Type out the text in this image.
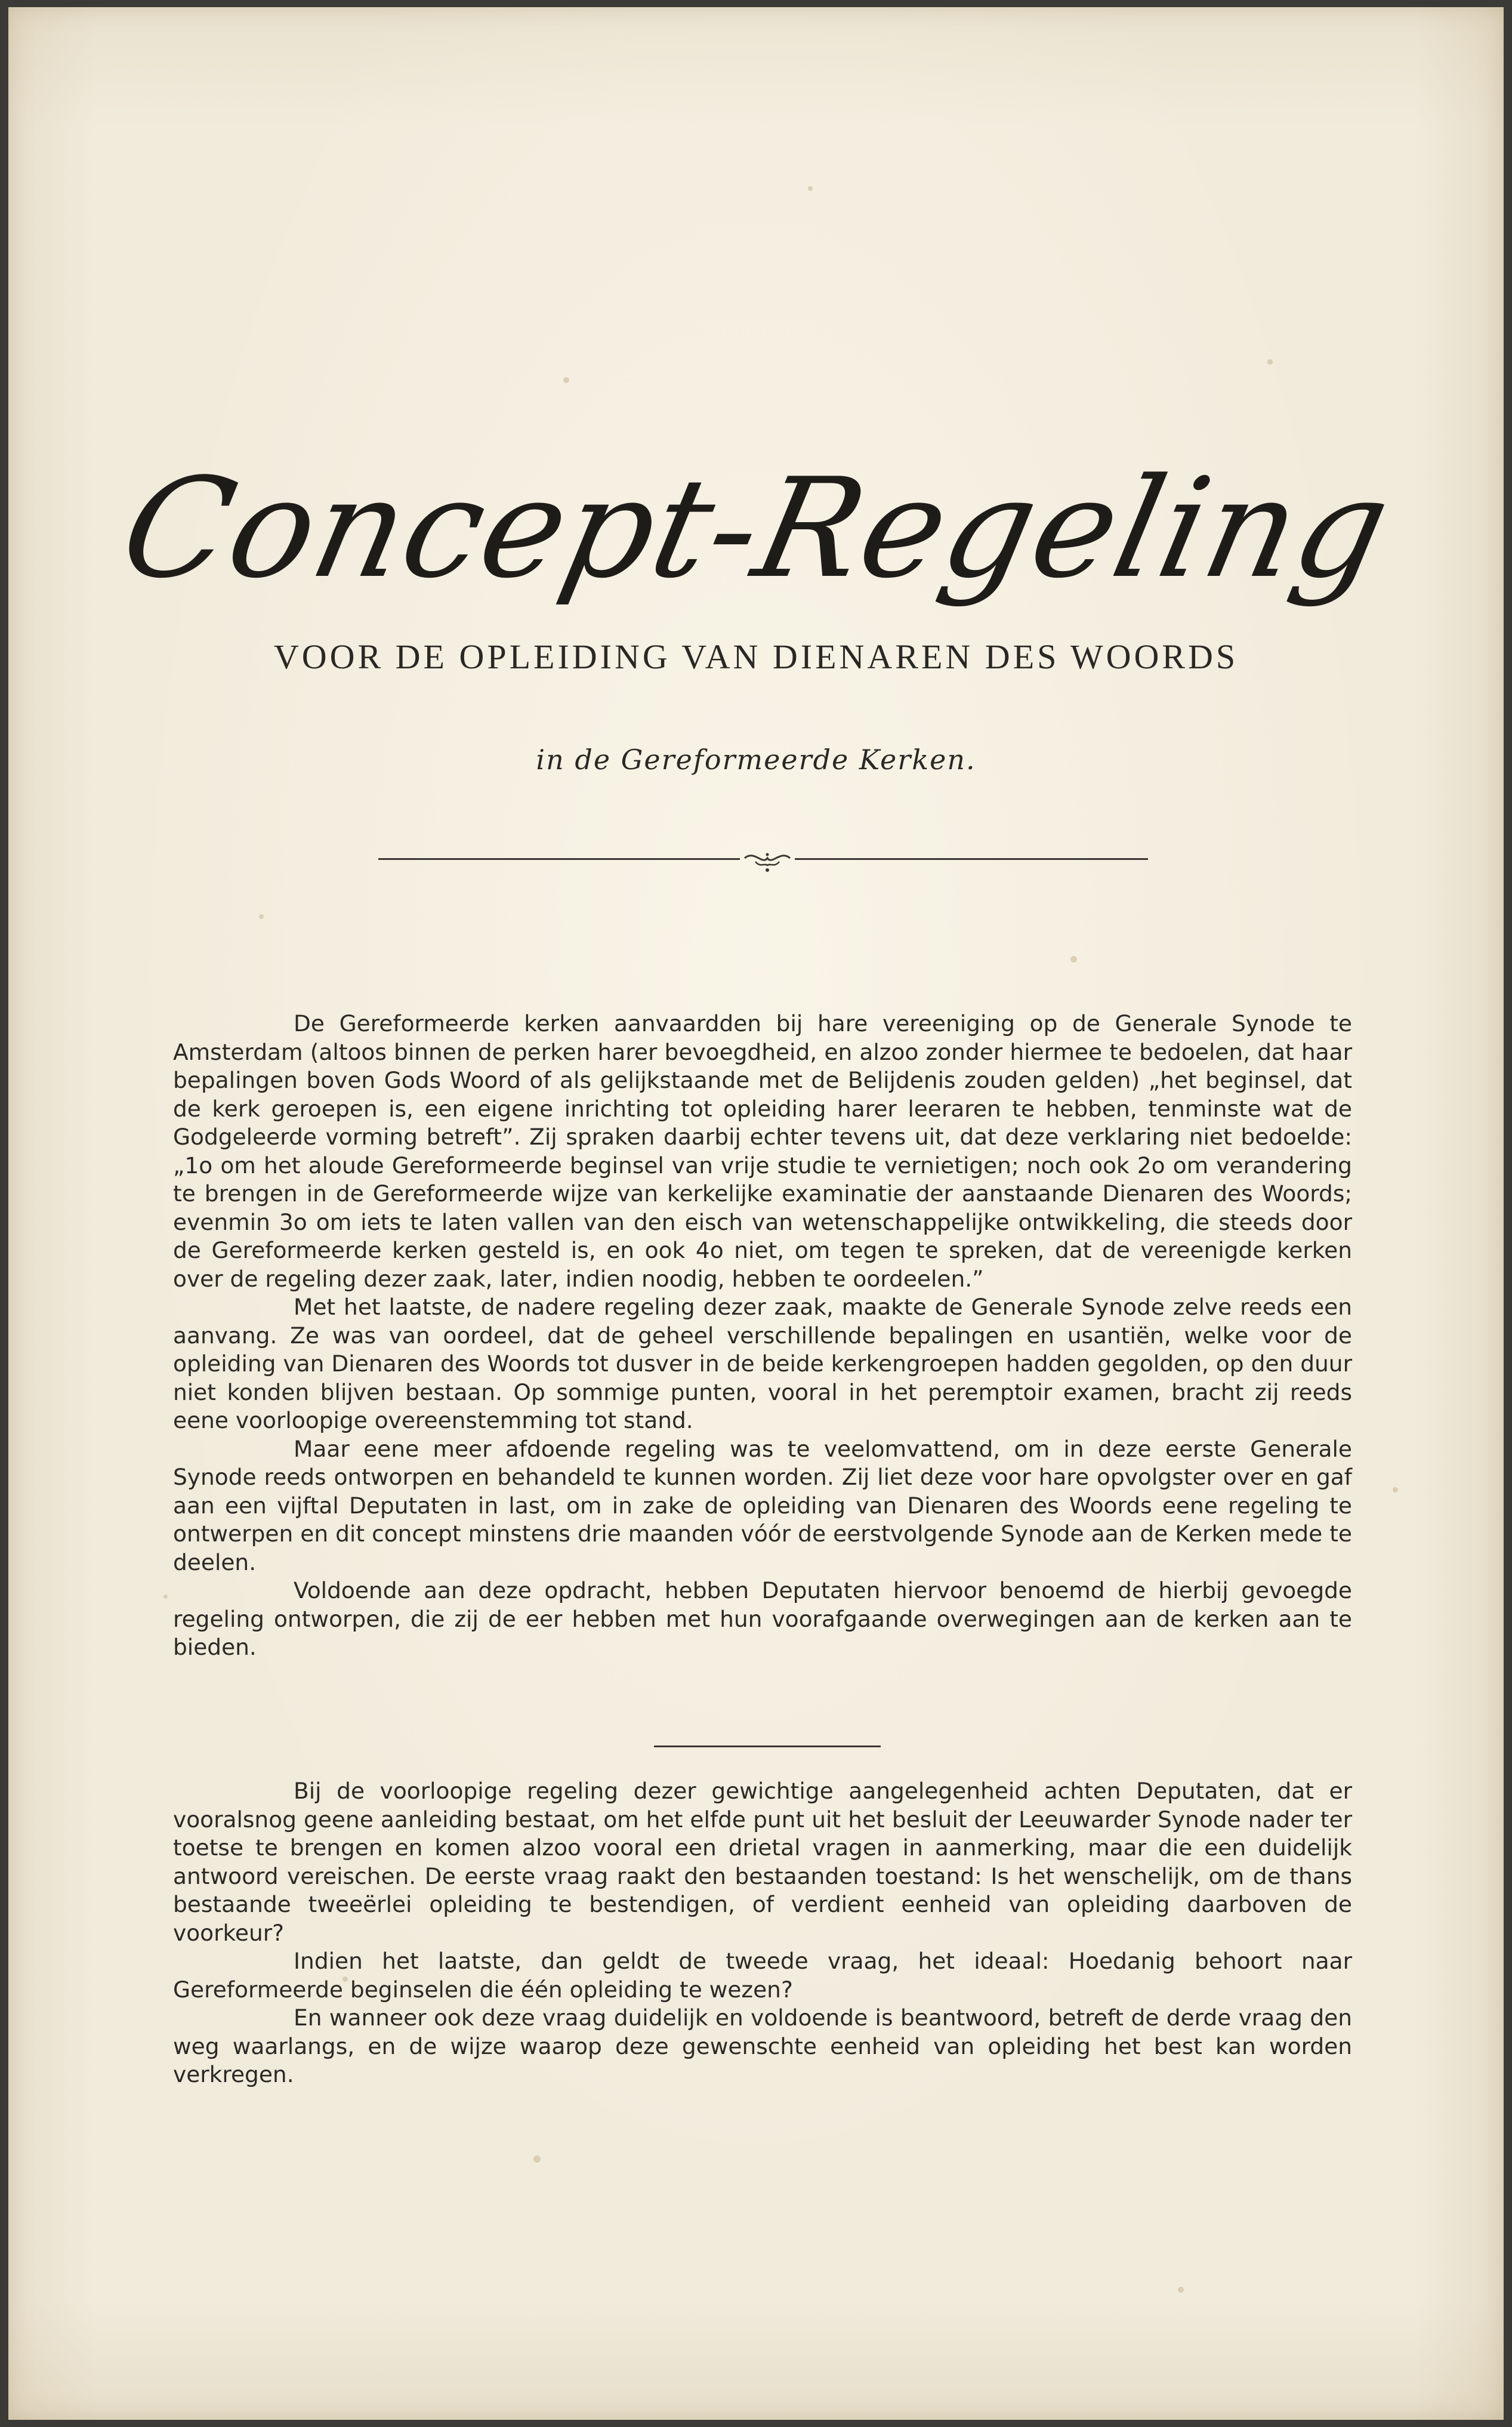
Concept-Regeling
VOOR DE OPLEIDING VAN DIENAREN DES WOORDS
in de Gereformeerde Kerken.

De Gereformeerde kerken aanvaardden bij hare vereeniging op de Generale Synode te Amsterdam (altoos binnen de perken harer bevoegdheid, en alzoo zonder hiermee te bedoelen, dat haar bepalingen boven Gods Woord of als gelijkstaande met de Belijdenis zouden gelden) „het beginsel, dat de kerk geroepen is, een eigene inrichting tot opleiding harer leeraren te hebben, tenminste wat de Godgeleerde vorming betreft”. Zij spraken daarbij echter tevens uit, dat deze verklaring niet bedoelde: „1o om het aloude Gereformeerde beginsel van vrije studie te vernietigen; noch ook 2o om verandering te brengen in de Gereformeerde wijze van kerkelijke examinatie der aanstaande Dienaren des Woords; evenmin 3o om iets te laten vallen van den eisch van wetenschappelijke ontwikkeling, die steeds door de Gereformeerde kerken gesteld is, en ook 4o niet, om tegen te spreken, dat de vereenigde kerken over de regeling dezer zaak, later, indien noodig, hebben te oordeelen.”

Met het laatste, de nadere regeling dezer zaak, maakte de Generale Synode zelve reeds een aanvang. Ze was van oordeel, dat de geheel verschillende bepalingen en usantiën, welke voor de opleiding van Dienaren des Woords tot dusver in de beide kerkengroepen hadden gegolden, op den duur niet konden blijven bestaan. Op sommige punten, vooral in het peremptoir examen, bracht zij reeds eene voorloopige overeenstemming tot stand.

Maar eene meer afdoende regeling was te veelomvattend, om in deze eerste Generale Synode reeds ontworpen en behandeld te kunnen worden. Zij liet deze voor hare opvolgster over en gaf aan een vijftal Deputaten in last, om in zake de opleiding van Dienaren des Woords eene regeling te ontwerpen en dit concept minstens drie maanden vóór de eerstvolgende Synode aan de Kerken mede te deelen.

Voldoende aan deze opdracht, hebben Deputaten hiervoor benoemd de hierbij gevoegde regeling ontworpen, die zij de eer hebben met hun voorafgaande overwegingen aan de kerken aan te bieden.

Bij de voorloopige regeling dezer gewichtige aangelegenheid achten Deputaten, dat er vooralsnog geene aanleiding bestaat, om het elfde punt uit het besluit der Leeuwarder Synode nader ter toetse te brengen en komen alzoo vooral een drietal vragen in aanmerking, maar die een duidelijk antwoord vereischen. De eerste vraag raakt den bestaanden toestand: Is het wenschelijk, om de thans bestaande tweeërlei opleiding te bestendigen, of verdient eenheid van opleiding daarboven de voorkeur?

Indien het laatste, dan geldt de tweede vraag, het ideaal: Hoedanig behoort naar Gereformeerde beginselen die één opleiding te wezen?

En wanneer ook deze vraag duidelijk en voldoende is beantwoord, betreft de derde vraag den weg waarlangs, en de wijze waarop deze gewenschte eenheid van opleiding het best kan worden verkregen.
